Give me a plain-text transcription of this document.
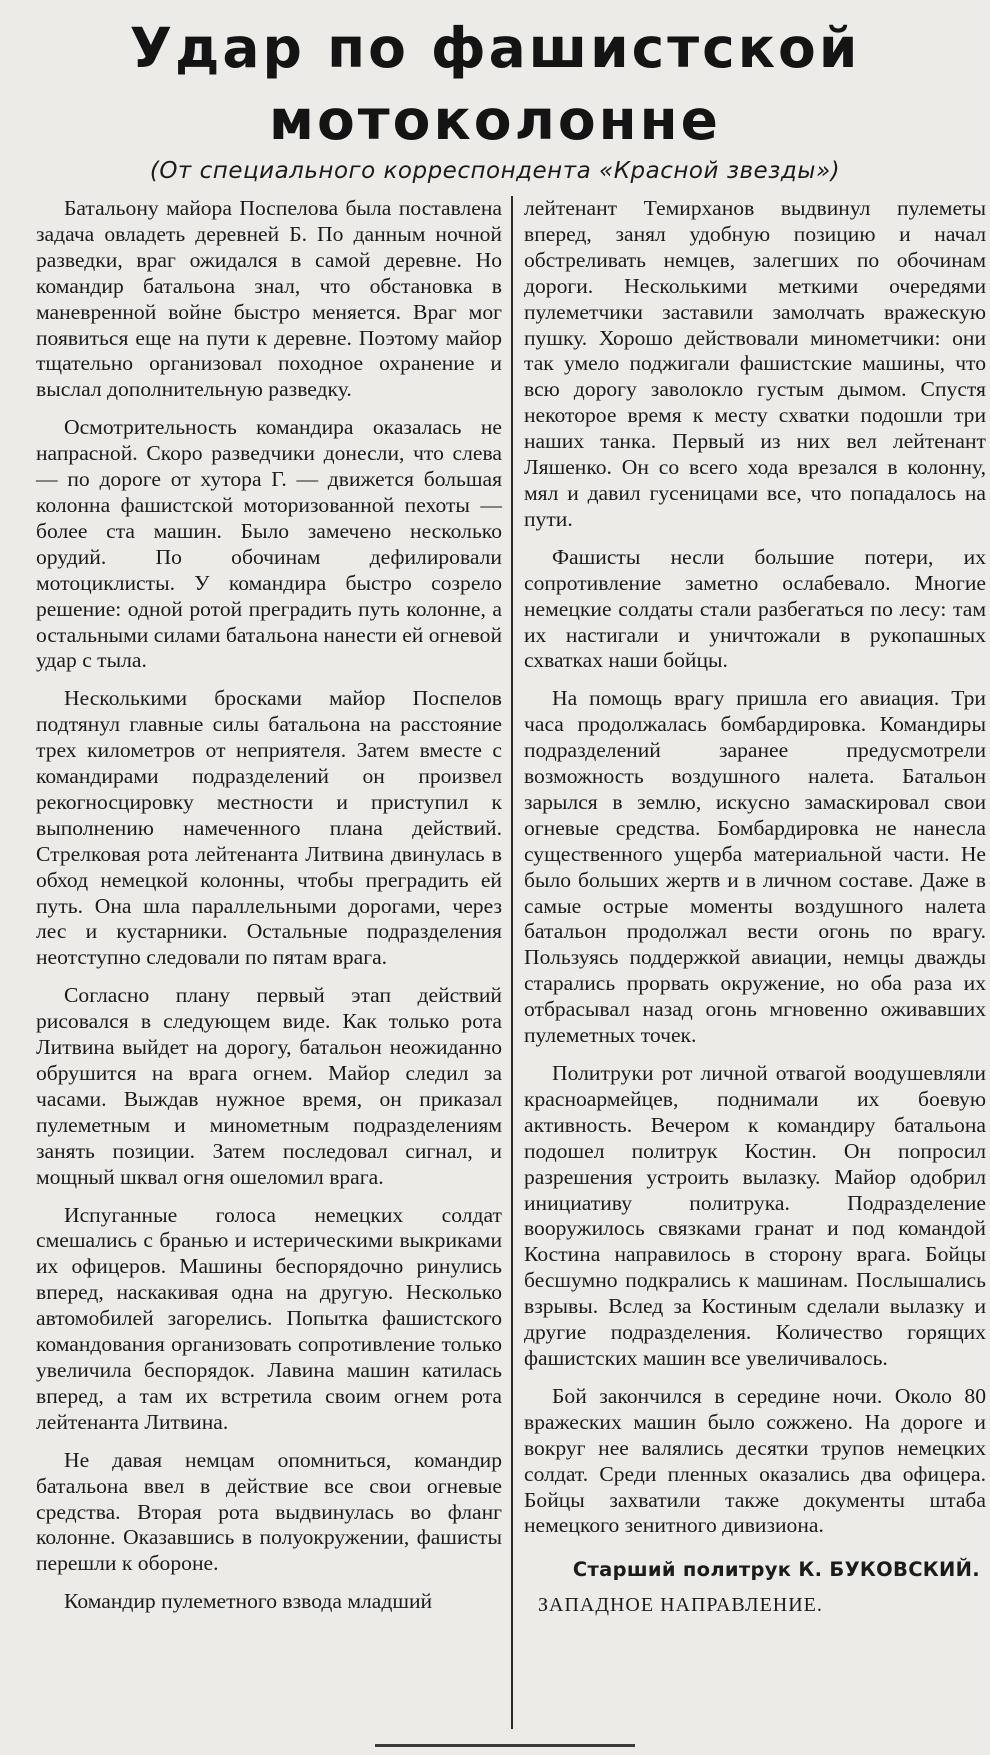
Удар по фашистской
мотоколонне
(От специального корреспондента «Красной звезды»)

Батальону майора Поспелова была поставлена задача овладеть деревней Б. По данным ночной разведки, враг ожидался в самой деревне. Но командир батальона знал, что обстановка в маневренной войне быстро меняется. Враг мог появиться еще на пути к деревне. Поэтому майор тщательно организовал походное охранение и выслал дополнительную разведку.

Осмотрительность командира оказалась не напрасной. Скоро разведчики донесли, что слева — по дороге от хутора Г. — движется большая колонна фашистской моторизованной пехоты — более ста машин. Было замечено несколько орудий. По обочинам дефилировали мотоциклисты. У командира быстро созрело решение: одной ротой преградить путь колонне, а остальными силами батальона нанести ей огневой удар с тыла.

Несколькими бросками майор Поспелов подтянул главные силы батальона на расстояние трех километров от неприятеля. Затем вместе с командирами подразделений он произвел рекогносцировку местности и приступил к выполнению намеченного плана действий. Стрелковая рота лейтенанта Литвина двинулась в обход немецкой колонны, чтобы преградить ей путь. Она шла параллельными дорогами, через лес и кустарники. Остальные подразделения неотступно следовали по пятам врага.

Согласно плану первый этап действий рисовался в следующем виде. Как только рота Литвина выйдет на дорогу, батальон неожиданно обрушится на врага огнем. Майор следил за часами. Выждав нужное время, он приказал пулеметным и минометным подразделениям занять позиции. Затем последовал сигнал, и мощный шквал огня ошеломил врага.

Испуганные голоса немецких солдат смешались с бранью и истерическими выкриками их офицеров. Машины беспорядочно ринулись вперед, наскакивая одна на другую. Несколько автомобилей загорелись. Попытка фашистского командования организовать сопротивление только увеличила беспорядок. Лавина машин катилась вперед, а там их встретила своим огнем рота лейтенанта Литвина.

Не давая немцам опомниться, командир батальона ввел в действие все свои огневые средства. Вторая рота выдвинулась во фланг колонне. Оказавшись в полуокружении, фашисты перешли к обороне.

Командир пулеметного взвода младший

лейтенант Темирханов выдвинул пулеметы вперед, занял удобную позицию и начал обстреливать немцев, залегших по обочинам дороги. Несколькими меткими очередями пулеметчики заставили замолчать вражескую пушку. Хорошо действовали минометчики: они так умело поджигали фашистские машины, что всю дорогу заволокло густым дымом. Спустя некоторое время к месту схватки подошли три наших танка. Первый из них вел лейтенант Ляшенко. Он со всего хода врезался в колонну, мял и давил гусеницами все, что попадалось на пути.

Фашисты несли большие потери, их сопротивление заметно ослабевало. Многие немецкие солдаты стали разбегаться по лесу: там их настигали и уничтожали в рукопашных схватках наши бойцы.

На помощь врагу пришла его авиация. Три часа продолжалась бомбардировка. Командиры подразделений заранее предусмотрели возможность воздушного налета. Батальон зарылся в землю, искусно замаскировал свои огневые средства. Бомбардировка не нанесла существенного ущерба материальной части. Не было больших жертв и в личном составе. Даже в самые острые моменты воздушного налета батальон продолжал вести огонь по врагу. Пользуясь поддержкой авиации, немцы дважды старались прорвать окружение, но оба раза их отбрасывал назад огонь мгновенно оживавших пулеметных точек.

Политруки рот личной отвагой воодушевляли красноармейцев, поднимали их боевую активность. Вечером к командиру батальона подошел политрук Костин. Он попросил разрешения устроить вылазку. Майор одобрил инициативу политрука. Подразделение вооружилось связками гранат и под командой Костина направилось в сторону врага. Бойцы бесшумно подкрались к машинам. Послышались взрывы. Вслед за Костиным сделали вылазку и другие подразделения. Количество горящих фашистских машин все увеличивалось.

Бой закончился в середине ночи. Около 80 вражеских машин было сожжено. На дороге и вокруг нее валялись десятки трупов немецких солдат. Среди пленных оказались два офицера. Бойцы захватили также документы штаба немецкого зенитного дивизиона.

Старший политрук К. БУКОВСКИЙ.
ЗАПАДНОЕ НАПРАВЛЕНИЕ.
